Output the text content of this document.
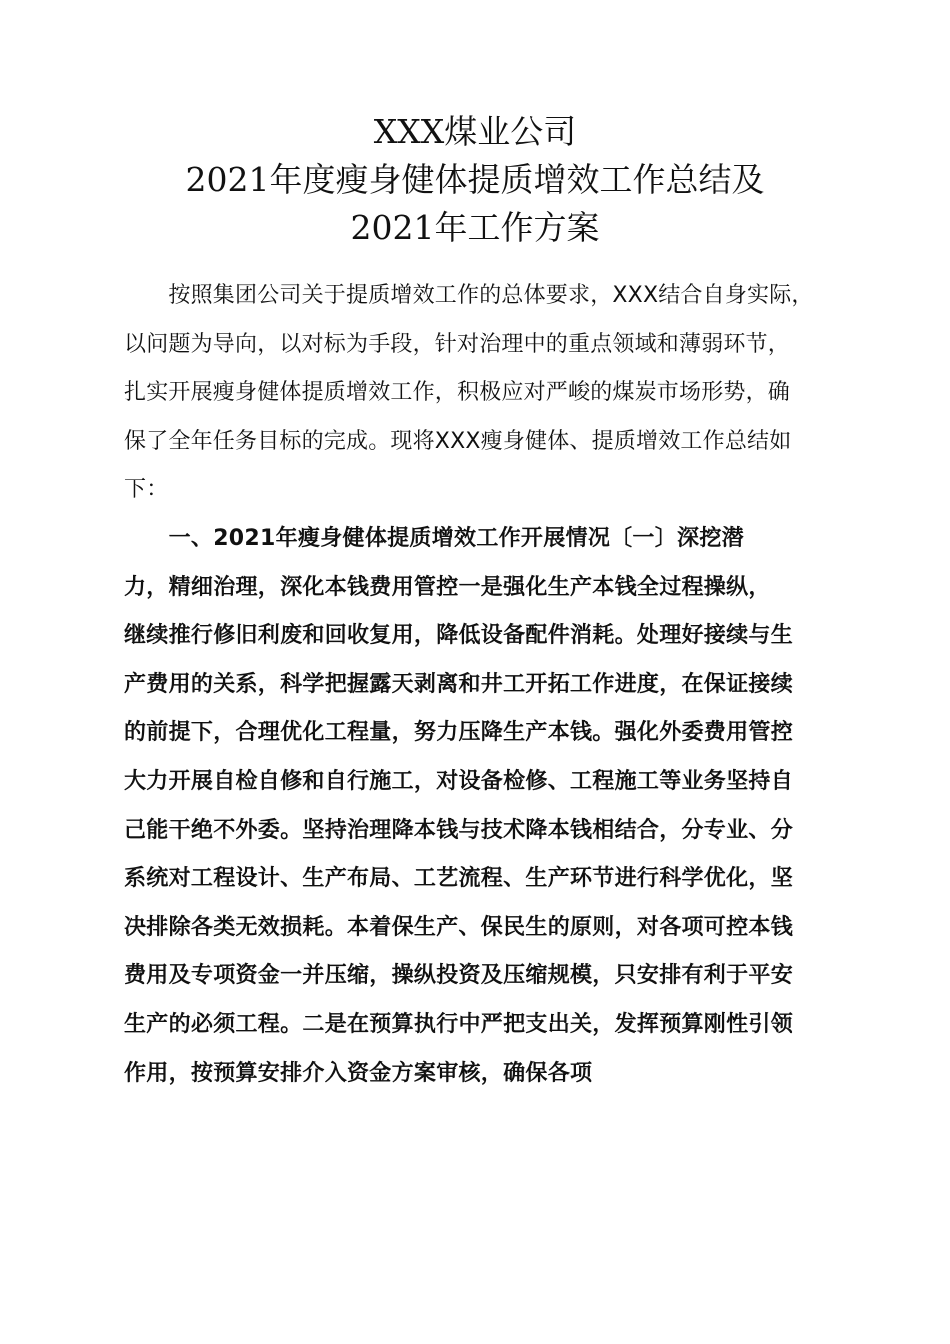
XXX煤业公司
2021年度瘦身健体提质增效工作总结及
2021年工作方案
　　按照集团公司关于提质增效工作的总体要求，XXX结合自身实际，
以问题为导向，以对标为手段，针对治理中的重点领域和薄弱环节，
扎实开展瘦身健体提质增效工作，积极应对严峻的煤炭市场形势，确
保了全年任务目标的完成。现将XXX瘦身健体、提质增效工作总结如
下：
　　一、2021年瘦身健体提质增效工作开展情况〔一〕深挖潜
力，精细治理，深化本钱费用管控一是强化生产本钱全过程操纵，
继续推行修旧利废和回收复用，降低设备配件消耗。处理好接续与生
产费用的关系，科学把握露天剥离和井工开拓工作进度，在保证接续
的前提下，合理优化工程量，努力压降生产本钱。强化外委费用管控
大力开展自检自修和自行施工，对设备检修、工程施工等业务坚持自
己能干绝不外委。坚持治理降本钱与技术降本钱相结合，分专业、分
系统对工程设计、生产布局、工艺流程、生产环节进行科学优化，坚
决排除各类无效损耗。本着保生产、保民生的原则，对各项可控本钱
费用及专项资金一并压缩，操纵投资及压缩规模，只安排有利于平安
生产的必须工程。二是在预算执行中严把支出关，发挥预算刚性引领
作用，按预算安排介入资金方案审核，确保各项
